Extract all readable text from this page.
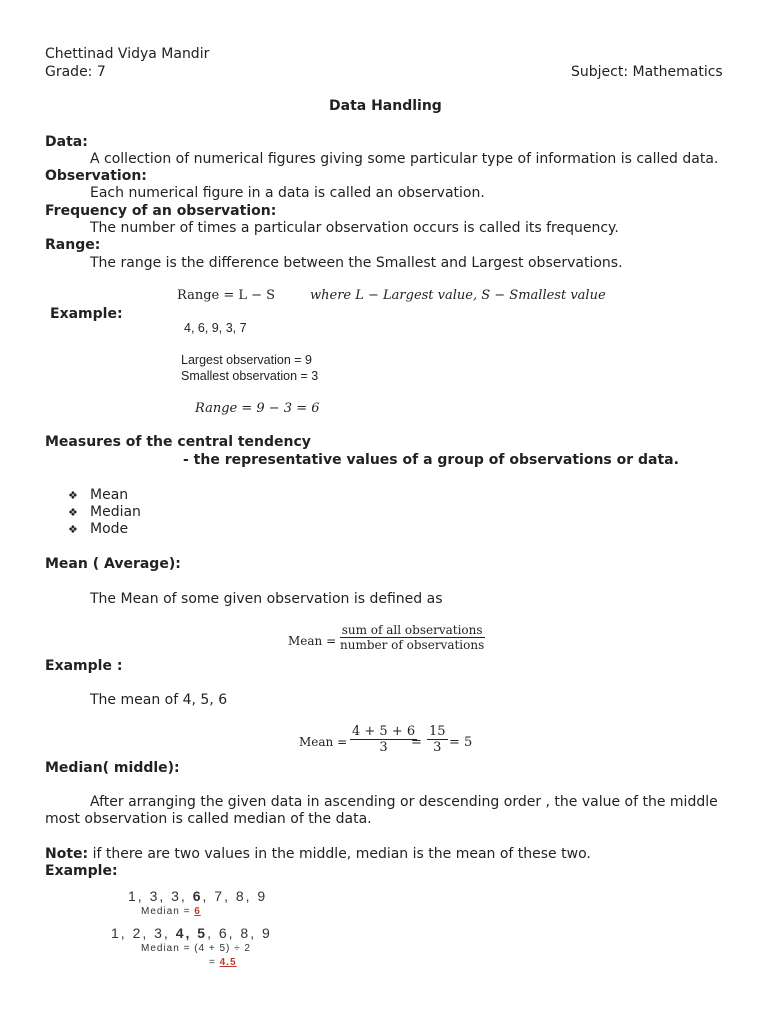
Chettinad Vidya Mandir
Grade: 7	Subject: Mathematics
Data Handling
Data:
A collection of numerical figures giving some particular type of information is called data.
Observation:
Each numerical figure in a data is called an observation.
Frequency of an observation:
The number of times a particular observation occurs is called its frequency.
Range:
The range is the difference between the Smallest and Largest observations.
Range = L − S	where L − Largest value, S − Smallest value
Example:
4, 6, 9, 3, 7
Largest observation = 9
Smallest observation = 3
Range = 9 − 3 = 6
Measures of the central tendency
- the representative values of a group of observations or data.
❖ Mean
❖ Median
❖ Mode
Mean ( Average):
The Mean of some given observation is defined as
Mean =
sum of all observations
number of observations
Example :
The mean of 4, 5, 6
Mean = $\frac{4 + 5 + 6}{3}$
= $\frac{15}{3} = 5$
Median( middle):
After arranging the given data in ascending or descending order , the value of the middle
most observation is called median of the data.
Note: if there are two values in the middle, median is the mean of these two.
Example:
1, 3, 3, 6, 7, 8, 9
Median = 6
1, 2, 3, 4, 5, 6, 8, 9
Median = (4 + 5) ÷ 2
= 4.5
